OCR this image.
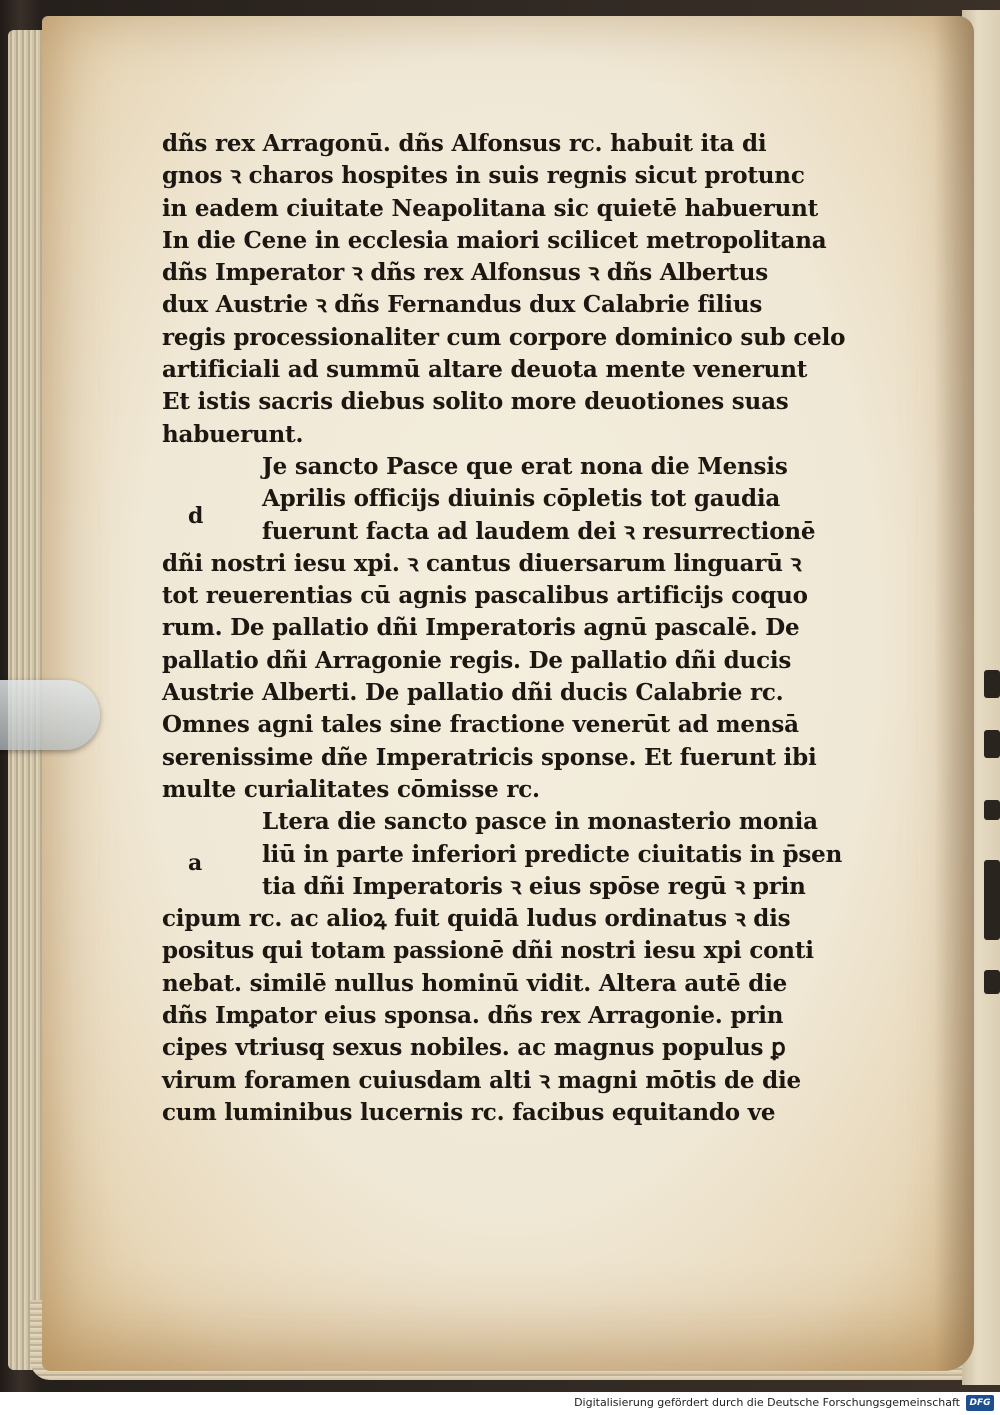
d
a
dñs rex Arragonū. dñs Alfonsus rc. habuit ita di
gnos ꝛ charos hospites in suis regnis sicut protunc
in eadem ciuitate Neapolitana sic quietē habuerunt
In die Cene in ecclesia maiori scilicet metropolitana
dñs Imperator ꝛ dñs rex Alfonsus ꝛ dñs Albertus
dux Austrie ꝛ dñs Fernandus dux Calabrie filius
regis processionaliter cum corpore dominico sub celo
artificiali ad summū altare deuota mente venerunt
Et istis sacris diebus solito more deuotiones suas
habuerunt.
Je sancto Pasce que erat nona die Mensis
Aprilis officijs diuinis cōpletis tot gaudia
fuerunt facta ad laudem dei ꝛ resurrectionē
dñi nostri iesu xpi. ꝛ cantus diuersarum linguarū ꝛ
tot reuerentias cū agnis pascalibus artificijs coquo
rum. De pallatio dñi Imperatoris agnū pascalē. De
pallatio dñi Arragonie regis. De pallatio dñi ducis
Austrie Alberti. De pallatio dñi ducis Calabrie rc.
Omnes agni tales sine fractione venerūt ad mensā
serenissime dñe Imperatricis sponse. Et fuerunt ibi
multe curialitates cōmisse rc.
Ltera die sancto pasce in monasterio monia
liū in parte inferiori predicte ciuitatis in p̄sen
tia dñi Imperatoris ꝛ eius spōse regū ꝛ prin
cipum rc. ac alioꝝ fuit quidā ludus ordinatus ꝛ dis
positus qui totam passionē dñi nostri iesu xpi conti
nebat. similē nullus hominū vidit. Altera autē die
dñs Imꝑator eius sponsa. dñs rex Arragonie. prin
cipes vtriusq sexus nobiles. ac magnus populus ꝑ
virum foramen cuiusdam alti ꝛ magni mōtis de die
cum luminibus lucernis rc. facibus equitando ve
Digitalisierung gefördert durch die Deutsche Forschungsgemeinschaft	DFG
